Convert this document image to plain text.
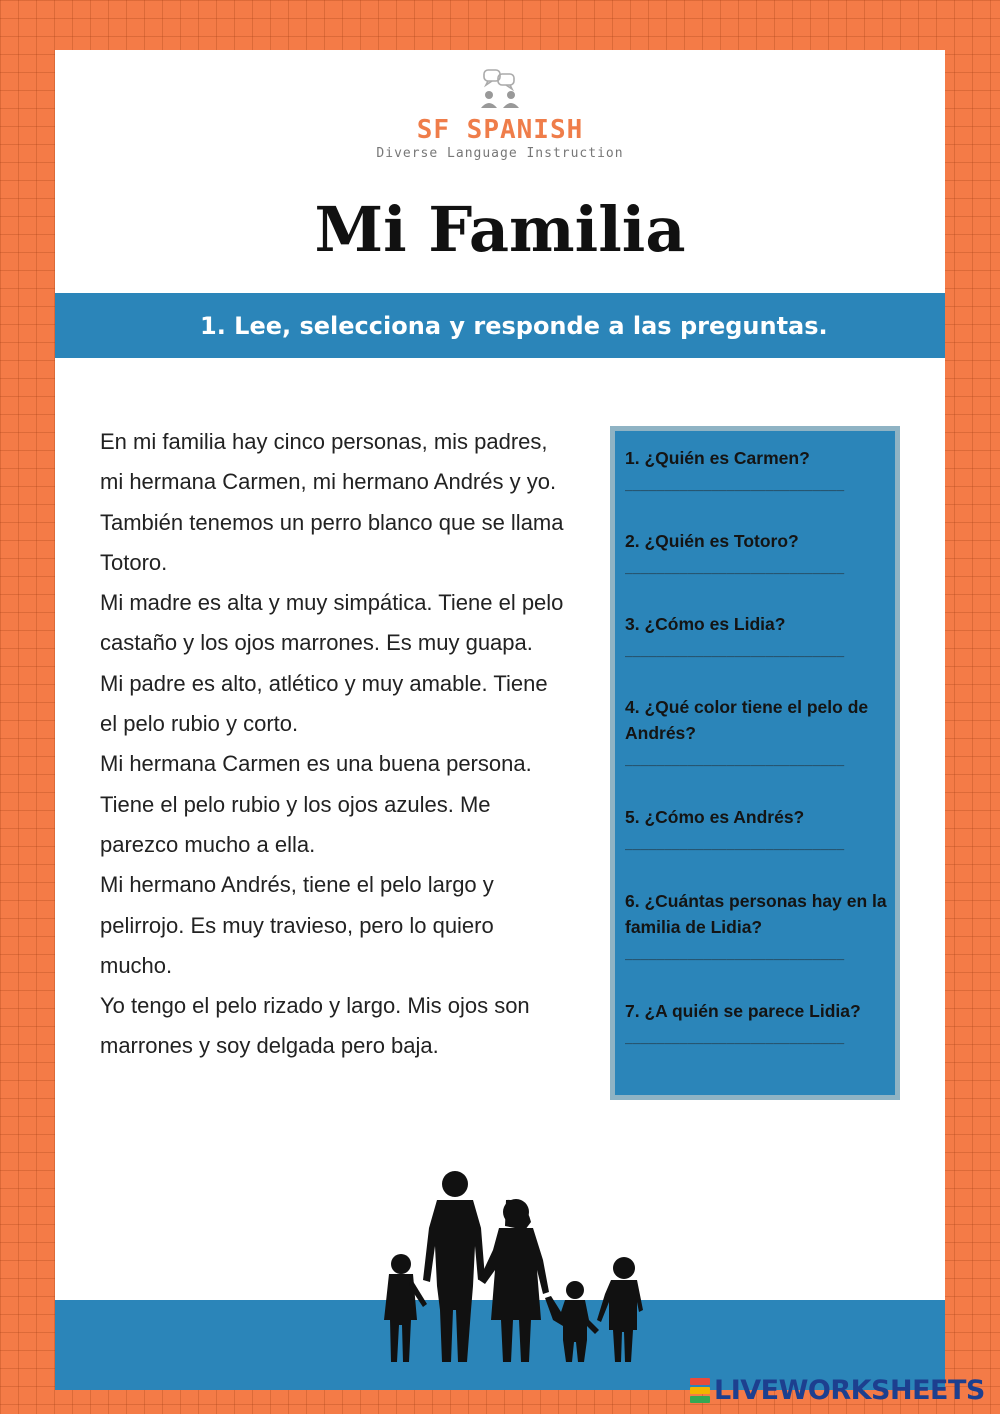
SF SPANISH
Diverse Language Instruction
Mi Familia

1. Lee, selecciona y responde a las preguntas.

En mi familia hay cinco personas, mis padres, mi hermana Carmen, mi hermano Andrés y yo. También tenemos un perro blanco que se llama Totoro.

Mi madre es alta y muy simpática. Tiene el pelo castaño y los ojos marrones. Es muy guapa.

Mi padre es alto, atlético y muy amable. Tiene el pelo rubio y corto.

Mi hermana Carmen es una buena persona. Tiene el pelo rubio y los ojos azules. Me parezco mucho a ella.

Mi hermano Andrés, tiene el pelo largo y pelirrojo. Es muy travieso, pero lo quiero mucho.

Yo tengo el pelo rizado y largo. Mis ojos son marrones y soy delgada pero baja.

1. ¿Quién es Carmen?
____________________________
2. ¿Quién es Totoro?
____________________________
3. ¿Cómo es Lidia?
____________________________
4. ¿Qué color tiene el pelo de Andrés?
____________________________
5. ¿Cómo es Andrés?
____________________________
6. ¿Cuántas personas hay en la familia de Lidia?
____________________________
7. ¿A quién se parece Lidia?
____________________________
LIVEWORKSHEETS
